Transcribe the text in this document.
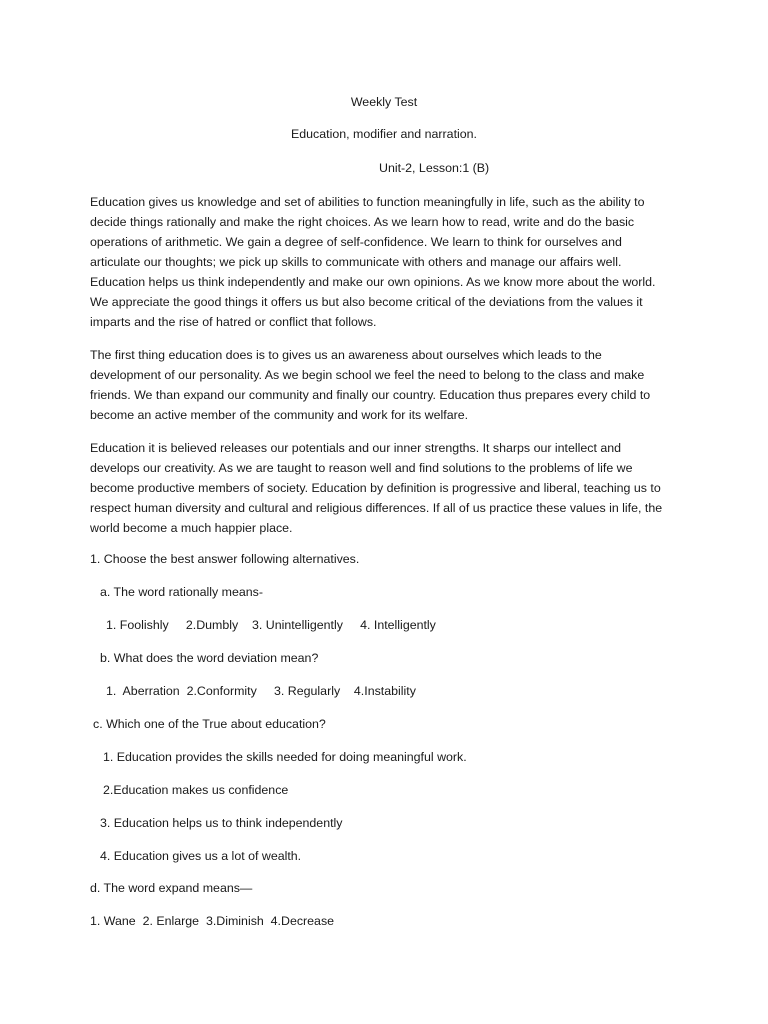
Weekly Test
Education, modifier and narration.
Unit-2, Lesson:1 (B)
Education gives us knowledge and set of abilities to function meaningfully in life, such as the ability to
decide things rationally and make the right choices. As we learn how to read, write and do the basic
operations of arithmetic. We gain a degree of self-confidence. We learn to think for ourselves and
articulate our thoughts; we pick up skills to communicate with others and manage our affairs well.
Education helps us think independently and make our own opinions. As we know more about the world.
We appreciate the good things it offers us but also become critical of the deviations from the values it
imparts and the rise of hatred or conflict that follows.
The first thing education does is to gives us an awareness about ourselves which leads to the
development of our personality. As we begin school we feel the need to belong to the class and make
friends. We than expand our community and finally our country. Education thus prepares every child to
become an active member of the community and work for its welfare.
Education it is believed releases our potentials and our inner strengths. It sharps our intellect and
develops our creativity. As we are taught to reason well and find solutions to the problems of life we
become productive members of society. Education by definition is progressive and liberal, teaching us to
respect human diversity and cultural and religious differences. If all of us practice these values in life, the
world become a much happier place.
1. Choose the best answer following alternatives.
a. The word rationally means-
1. Foolishly     2.Dumbly    3. Unintelligently     4. Intelligently
b. What does the word deviation mean?
1.  Aberration  2.Conformity     3. Regularly    4.Instability
c. Which one of the True about education?
1. Education provides the skills needed for doing meaningful work.
2.Education makes us confidence
3. Education helps us to think independently
4. Education gives us a lot of wealth.
d. The word expand means—
1. Wane  2. Enlarge  3.Diminish  4.Decrease
